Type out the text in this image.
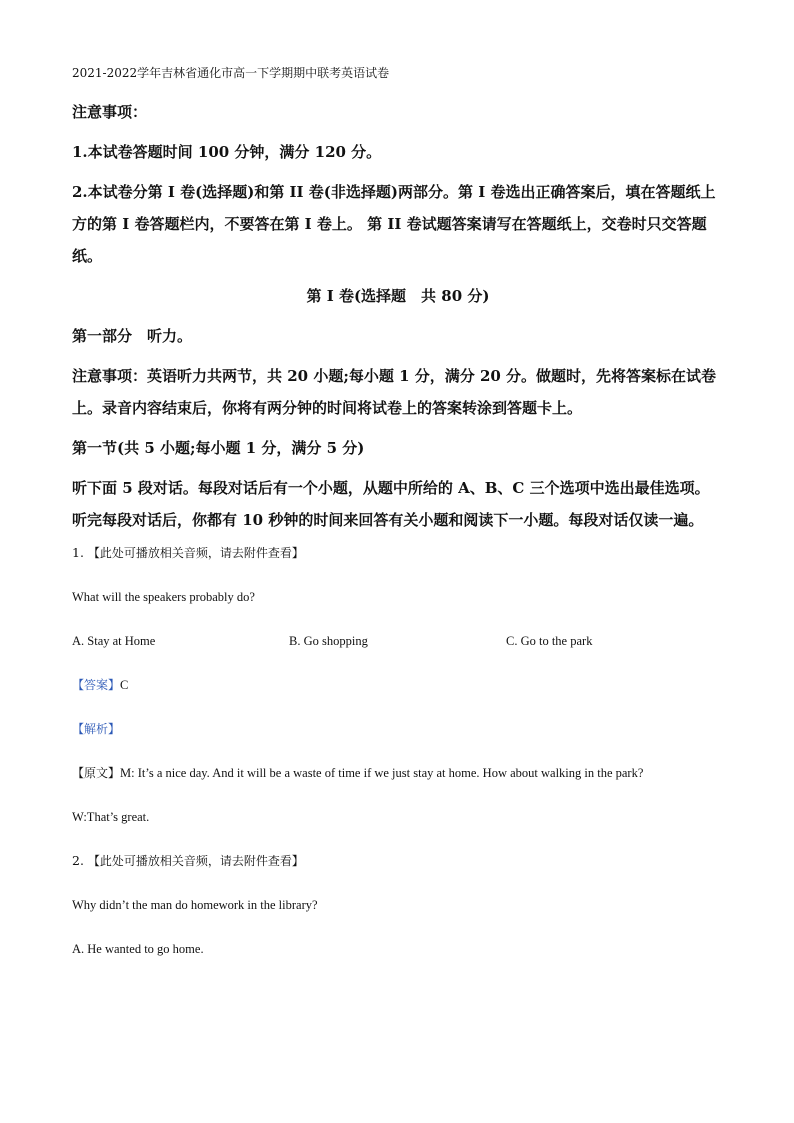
2021-2022学年吉林省通化市高一下学期期中联考英语试卷
注意事项：
1.本试卷答题时间 100 分钟，满分 120 分。
2.本试卷分第 I 卷(选择题)和第 II 卷(非选择题)两部分。第 I 卷选出正确答案后，填在答题纸上方的第 I 卷答题栏内，不要答在第 I 卷上。 第 II 卷试题答案请写在答题纸上，交卷时只交答题纸。
第 I 卷(选择题　共 80 分)
第一部分　听力。
注意事项：英语听力共两节，共 20 小题;每小题 1 分，满分 20 分。做题时，先将答案标在试卷上。录音内容结束后，你将有两分钟的时间将试卷上的答案转涂到答题卡上。
第一节(共 5 小题;每小题 1 分，满分 5 分)
听下面 5 段对话。每段对话后有一个小题，从题中所给的 A、B、C 三个选项中选出最佳选项。听完每段对话后，你都有 10 秒钟的时间来回答有关小题和阅读下一小题。每段对话仅读一遍。
1. 【此处可播放相关音频，请去附件查看】
What will the speakers probably do?
A. Stay at Home	B. Go shopping	C. Go to the park
【答案】C
【解析】
【原文】M: It’s a nice day. And it will be a waste of time if we just stay at home. How about walking in the park?
W:That’s great.
2. 【此处可播放相关音频，请去附件查看】
Why didn’t the man do homework in the library?
A. He wanted to go home.
